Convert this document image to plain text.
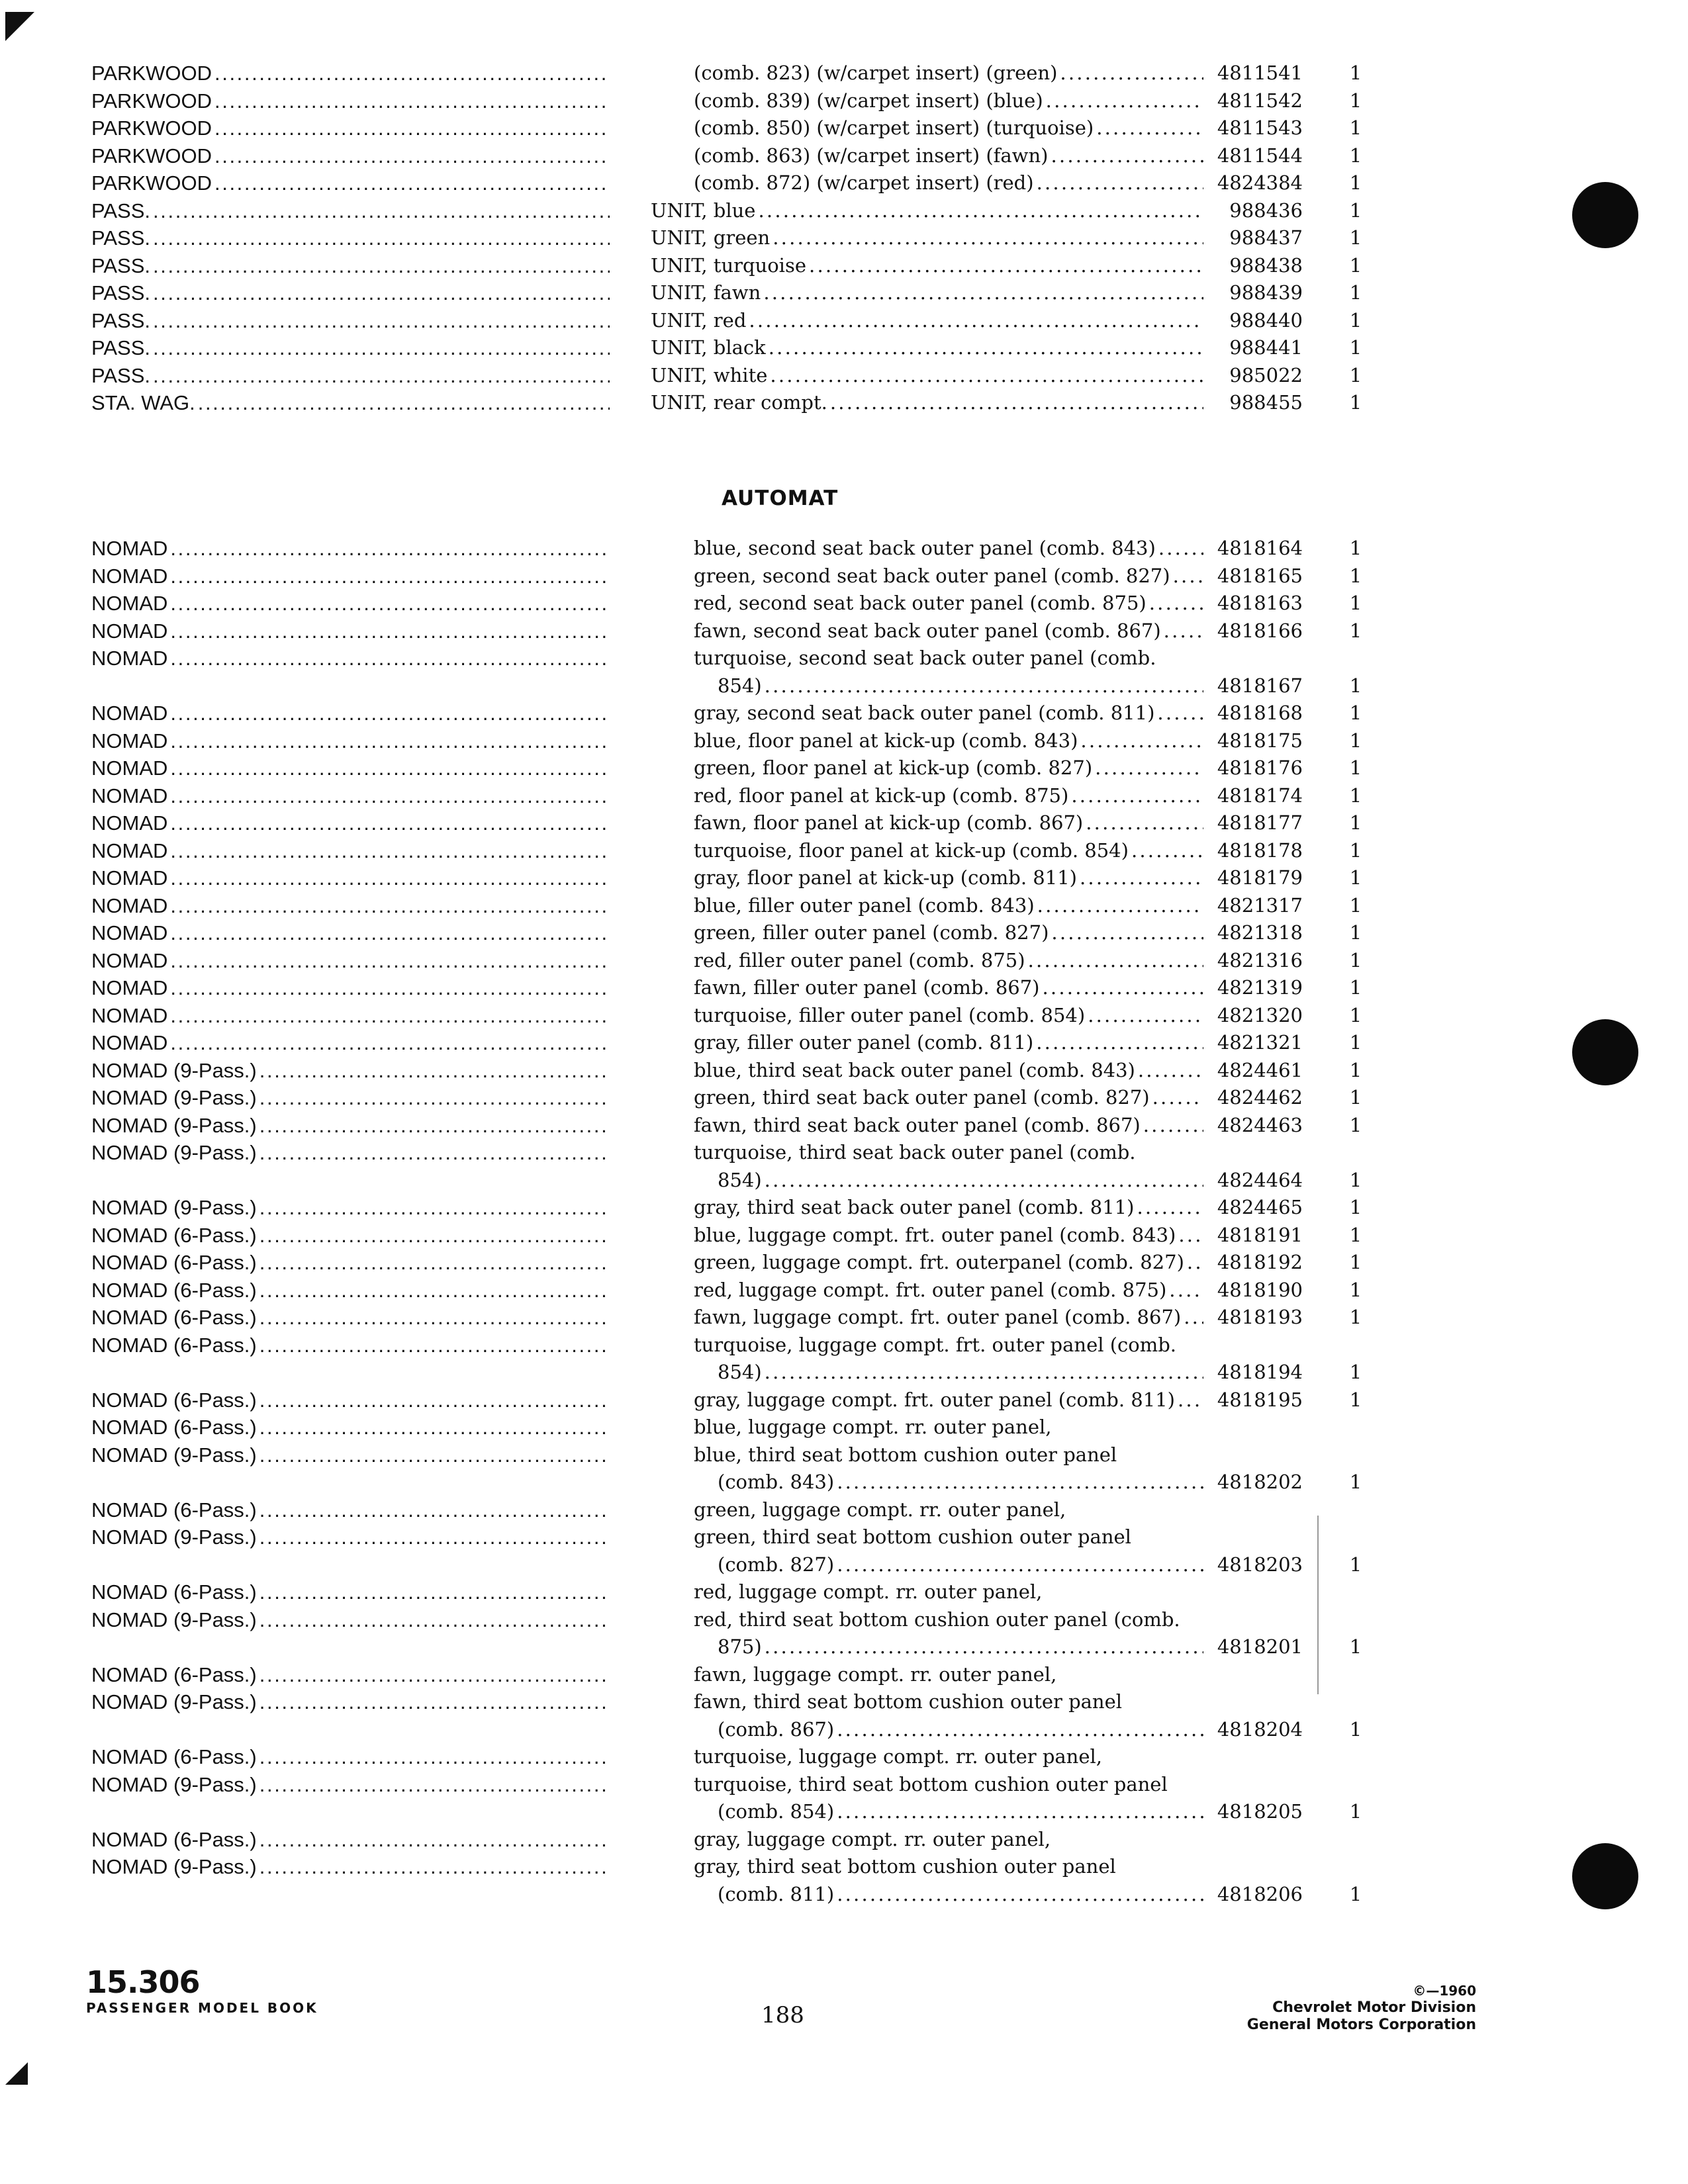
PARKWOOD . . .	(comb. 823) (w/carpet insert) (green) . . .	4811541	1
PARKWOOD . . .	(comb. 839) (w/carpet insert) (blue) . . .	4811542	1
PARKWOOD . . .	(comb. 850) (w/carpet insert) (turquoise) . . .	4811543	1
PARKWOOD . . .	(comb. 863) (w/carpet insert) (fawn) . . .	4811544	1
PARKWOOD . . .	(comb. 872) (w/carpet insert) (red) . . .	4824384	1
PASS. . . .	UNIT, blue . . .	988436	1
PASS. . . .	UNIT, green . . .	988437	1
PASS. . . .	UNIT, turquoise . . .	988438	1
PASS. . . .	UNIT, fawn . . .	988439	1
PASS. . . .	UNIT, red . . .	988440	1
PASS. . . .	UNIT, black . . .	988441	1
PASS. . . .	UNIT, white . . .	985022	1
STA. WAG. . . .	UNIT, rear compt. . . .	988455	1
AUTOMAT
NOMAD . . .	blue, second seat back outer panel (comb. 843) . . .	4818164	1
NOMAD . . .	green, second seat back outer panel (comb. 827) . . .	4818165	1
NOMAD . . .	red, second seat back outer panel (comb. 875) . . .	4818163	1
NOMAD . . .	fawn, second seat back outer panel (comb. 867) . . .	4818166	1
NOMAD . . .	turquoise, second seat back outer panel (comb.
854) . . .	4818167	1
NOMAD . . .	gray, second seat back outer panel (comb. 811) . . .	4818168	1
NOMAD . . .	blue, floor panel at kick-up (comb. 843) . . .	4818175	1
NOMAD . . .	green, floor panel at kick-up (comb. 827) . . .	4818176	1
NOMAD . . .	red, floor panel at kick-up (comb. 875) . . .	4818174	1
NOMAD . . .	fawn, floor panel at kick-up (comb. 867) . . .	4818177	1
NOMAD . . .	turquoise, floor panel at kick-up (comb. 854) . . .	4818178	1
NOMAD . . .	gray, floor panel at kick-up (comb. 811) . . .	4818179	1
NOMAD . . .	blue, filler outer panel (comb. 843) . . .	4821317	1
NOMAD . . .	green, filler outer panel (comb. 827) . . .	4821318	1
NOMAD . . .	red, filler outer panel (comb. 875) . . .	4821316	1
NOMAD . . .	fawn, filler outer panel (comb. 867) . . .	4821319	1
NOMAD . . .	turquoise, filler outer panel (comb. 854) . . .	4821320	1
NOMAD . . .	gray, filler outer panel (comb. 811) . . .	4821321	1
NOMAD (9-Pass.) . . .	blue, third seat back outer panel (comb. 843) . . .	4824461	1
NOMAD (9-Pass.) . . .	green, third seat back outer panel (comb. 827) . . .	4824462	1
NOMAD (9-Pass.) . . .	fawn, third seat back outer panel (comb. 867) . . .	4824463	1
NOMAD (9-Pass.) . . .	turquoise, third seat back outer panel (comb.
854) . . .	4824464	1
NOMAD (9-Pass.) . . .	gray, third seat back outer panel (comb. 811) . . .	4824465	1
NOMAD (6-Pass.) . . .	blue, luggage compt. frt. outer panel (comb. 843) . . .	4818191	1
NOMAD (6-Pass.) . . .	green, luggage compt. frt. outerpanel (comb. 827) . . .	4818192	1
NOMAD (6-Pass.) . . .	red, luggage compt. frt. outer panel (comb. 875) . . .	4818190	1
NOMAD (6-Pass.) . . .	fawn, luggage compt. frt. outer panel (comb. 867) . . .	4818193	1
NOMAD (6-Pass.) . . .	turquoise, luggage compt. frt. outer panel (comb.
854) . . .	4818194	1
NOMAD (6-Pass.) . . .	gray, luggage compt. frt. outer panel (comb. 811) . . .	4818195	1
NOMAD (6-Pass.) . . .	blue, luggage compt. rr. outer panel,
NOMAD (9-Pass.) . . .	blue, third seat bottom cushion outer panel
(comb. 843) . . .	4818202	1
NOMAD (6-Pass.) . . .	green, luggage compt. rr. outer panel,
NOMAD (9-Pass.) . . .	green, third seat bottom cushion outer panel
(comb. 827) . . .	4818203	1
NOMAD (6-Pass.) . . .	red, luggage compt. rr. outer panel,
NOMAD (9-Pass.) . . .	red, third seat bottom cushion outer panel (comb.
875) . . .	4818201	1
NOMAD (6-Pass.) . . .	fawn, luggage compt. rr. outer panel,
NOMAD (9-Pass.) . . .	fawn, third seat bottom cushion outer panel
(comb. 867) . . .	4818204	1
NOMAD (6-Pass.) . . .	turquoise, luggage compt. rr. outer panel,
NOMAD (9-Pass.) . . .	turquoise, third seat bottom cushion outer panel
(comb. 854) . . .	4818205	1
NOMAD (6-Pass.) . . .	gray, luggage compt. rr. outer panel,
NOMAD (9-Pass.) . . .	gray, third seat bottom cushion outer panel
(comb. 811) . . .	4818206	1
15.306
PASSENGER MODEL BOOK	188
©—1960
Chevrolet Motor Division
General Motors Corporation
